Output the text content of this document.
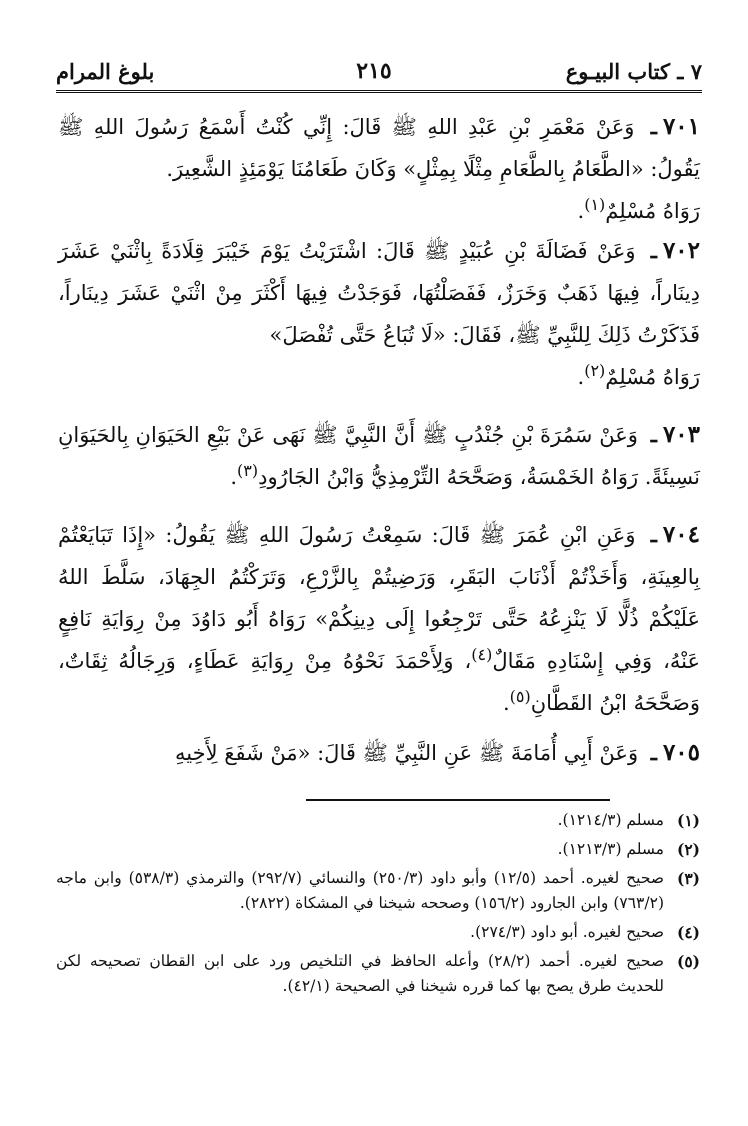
٧ ـ كتاب البيـوع
بلوغ المرام	٢١٥
٧٠١ـ وَعَنْ مَعْمَرِ بْنِ عَبْدِ اللهِ ﷺ قَالَ: إِنِّي كُنْتُ أَسْمَعُ رَسُولَ اللهِ ﷺ يَقُولُ: «الطَّعَامُ بِالطَّعَامِ مِثْلًا بِمِثْلٍ» وَكَانَ طَعَامُنَا يَوْمَئِذٍ الشَّعِيرَ.
رَوَاهُ مُسْلِمٌ$^{(١)}$.
٧٠٢ـ وَعَنْ فَضَالَةَ بْنِ عُبَيْدٍ ﷺ قَالَ: اشْتَرَيْتُ يَوْمَ خَيْبَرَ قِلَادَةً بِاثْنَيْ عَشَرَ دِينَاراً، فِيهَا ذَهَبٌ وَخَرَزٌ، فَفَصَلْتُهَا، فَوَجَدْتُ فِيهَا أَكْثَرَ مِنْ اثْنَيْ عَشَرَ دِينَاراً، فَذَكَرْتُ ذَلِكَ لِلنَّبِيِّ ﷺ، فَقَالَ: «لَا تُبَاعُ حَتَّى تُفْصَلَ»
رَوَاهُ مُسْلِمٌ$^{(٢)}$.
٧٠٣ـ وَعَنْ سَمُرَةَ بْنِ جُنْدُبٍ ﷺ أَنَّ النَّبِيَّ ﷺ نَهَى عَنْ بَيْعِ الحَيَوَانِ بِالحَيَوَانِ نَسِيئَةً. رَوَاهُ الخَمْسَةُ، وَصَحَّحَهُ التِّرْمِذِيُّ وَابْنُ الجَارُودِ$^{(٣)}$.
٧٠٤ـ وَعَنِ ابْنِ عُمَرَ ﷺ قَالَ: سَمِعْتُ رَسُولَ اللهِ ﷺ يَقُولُ: «إِذَا تَبَايَعْتُمْ بِالعِينَةِ، وَأَخَذْتُمْ أَذْنَابَ البَقَرِ، وَرَضِيتُمْ بِالزَّرْعِ، وَتَرَكْتُمُ الجِهَادَ، سَلَّطَ اللهُ عَلَيْكُمْ ذُلًّا لَا يَنْزِعُهُ حَتَّى تَرْجِعُوا إِلَى دِينِكُمْ» رَوَاهُ أَبُو دَاوُدَ مِنْ رِوَايَةِ نَافِعٍ عَنْهُ، وَفِي إِسْنَادِهِ مَقَالٌ$^{(٤)}$، وَلِأَحْمَدَ نَحْوُهُ مِنْ رِوَايَةِ عَطَاءٍ، وَرِجَالُهُ ثِقَاتٌ، وَصَحَّحَهُ ابْنُ القَطَّانِ$^{(٥)}$.
٧٠٥ـ وَعَنْ أَبِي أُمَامَةَ ﷺ عَنِ النَّبِيِّ ﷺ قَالَ: «مَنْ شَفَعَ لِأَخِيهِ
(١)
مسلم (١٢١٤/٣).
(٢)
مسلم (١٢١٣/٣).
(٣)
صحيح لغيره. أحمد (١٢/٥) وأبو داود (٢٥٠/٣) والنسائي (٢٩٢/٧) والترمذي (٥٣٨/٣) وابن ماجه (٧٦٣/٢) وابن الجارود (١٥٦/٢) وصححه شيخنا في المشكاة (٢٨٢٢).
(٤)
صحيح لغيره. أبو داود (٢٧٤/٣).
(٥)
صحيح لغيره. أحمد (٢٨/٢) وأعله الحافظ في التلخيص ورد على ابن القطان تصحيحه لكن للحديث طرق يصح بها كما قرره شيخنا في الصحيحة (٤٢/١).
